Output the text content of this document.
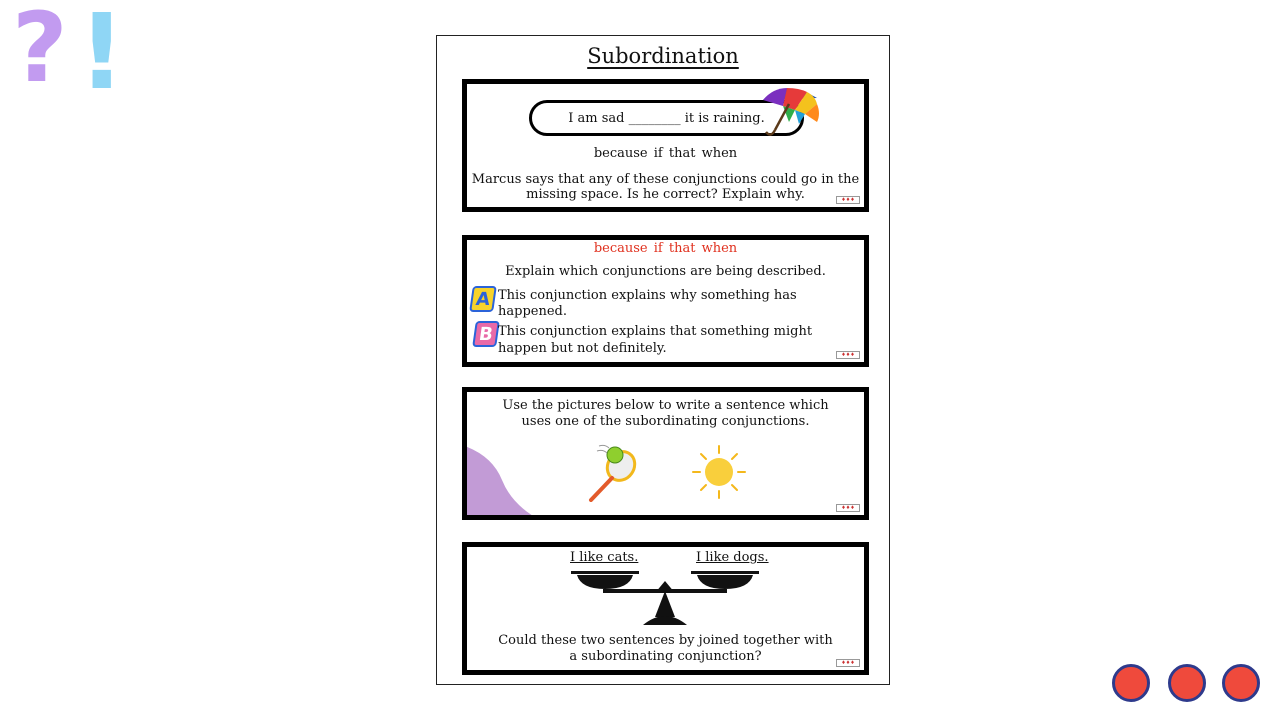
? !	Subordination
I am sad ________ it is raining.
because if that when
Marcus says that any of these conjunctions could go in the missing space. Is he correct? Explain why.	♦♦♦
because if that when
Explain which conjunctions are being described.
A This conjunction explains why something has happened.
B This conjunction explains that something might happen but not definitely.	♦♦♦
Use the pictures below to write a sentence which uses one of the subordinating conjunctions.
♦♦♦
I like cats.	I like dogs.
Could these two sentences by joined together with a subordinating conjunction?	♦♦♦
